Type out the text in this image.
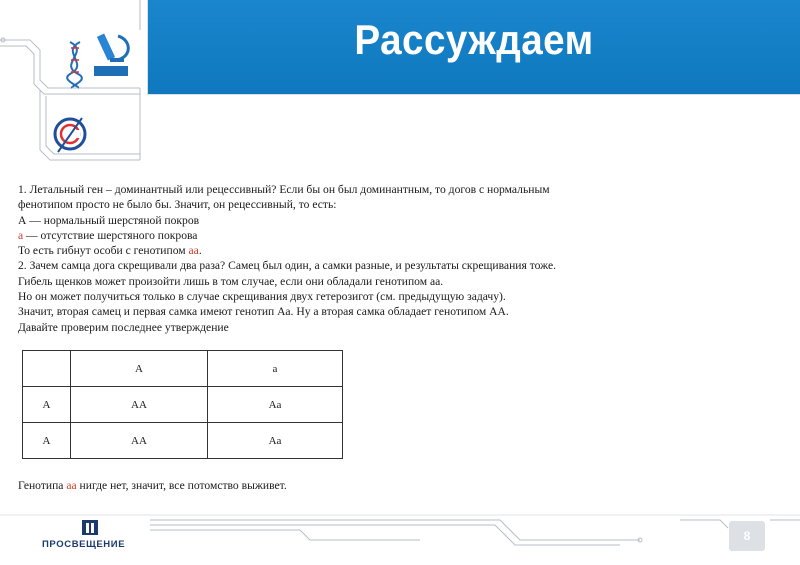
Рассуждаем

1. Летальный ген – доминантный или рецессивный? Если бы он был доминантным, то догов с нормальным

фенотипом просто не было бы. Значит, он рецессивный, то есть:

А — нормальный шерстяной покров

а — отсутствие шерстяного покрова

То есть гибнут особи с генотипом аа.

2. Зачем самца дога скрещивали два раза? Самец был один, а самки разные, и результаты скрещивания тоже.

Гибель щенков может произойти лишь в том случае, если они обладали генотипом аа.

Но он может получиться только в случае скрещивания двух гетерозигот (см. предыдущую задачу).

Значит, вторая самец и первая самка имеют генотип Аа. Ну а вторая самка обладает генотипом АА.

Давайте проверим последнее утверждение

	А	а
А	АА	Аа
А	АА	Аа
Генотипа аа нигде нет, значит, все потомство выживет.
ПРОСВЕЩЕНИЕ
8
